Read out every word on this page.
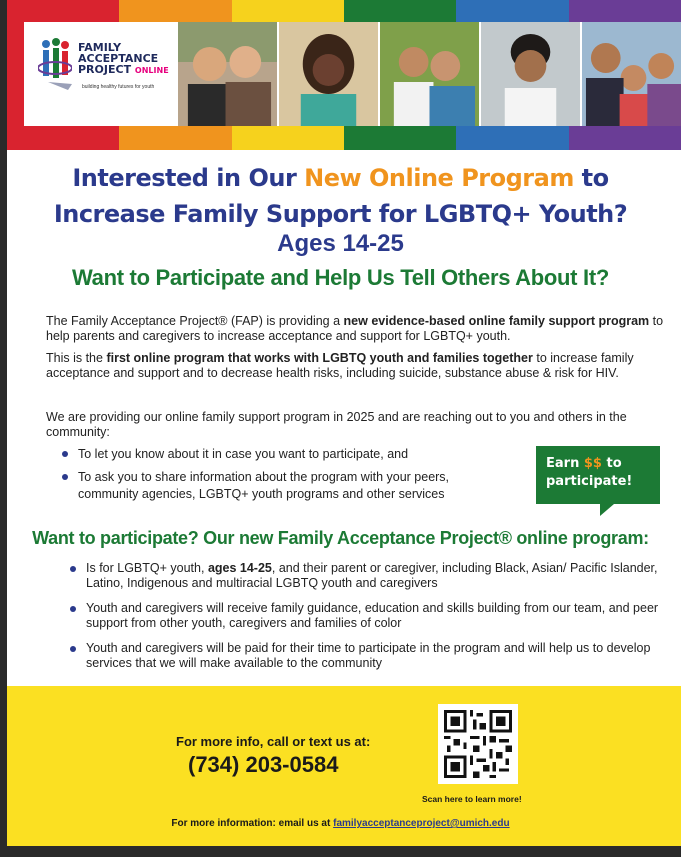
FAMILY
ACCEPTANCE
PROJECT ONLINE
building healthy futures for youth
Interested in Our New Online Program to
Increase Family Support for LGBTQ+ Youth?
Ages 14-25
Want to Participate and Help Us Tell Others About It?
The Family Acceptance Project® (FAP) is providing a new evidence-based online family support program to help parents and caregivers to increase acceptance and support for LGBTQ+ youth.
This is the first online program that works with LGBTQ youth and families together to increase family acceptance and support and to decrease health risks, including suicide, substance abuse & risk for HIV.
We are providing our online family support program in 2025 and are reaching out to you and others in the community:
To let you know about it in case you want to participate, and
To ask you to share information about the program with your peers, community agencies, LGBTQ+ youth programs and other services
Earn $$ to
participate!
Want to participate? Our new Family Acceptance Project® online program:
Is for LGBTQ+ youth, ages 14-25, and their parent or caregiver, including Black, Asian/ Pacific Islander, Latino, Indigenous and multiracial LGBTQ youth and caregivers
Youth and caregivers will receive family guidance, education and skills building from our team, and peer support from other youth, caregivers and families of color
Youth and caregivers will be paid for their time to participate in the program and will help us to develop services that we will make available to the community
For more info, call or text us at:
(734) 203-0584
Scan here to learn more!
For more information: email us at familyacceptanceproject@umich.edu
